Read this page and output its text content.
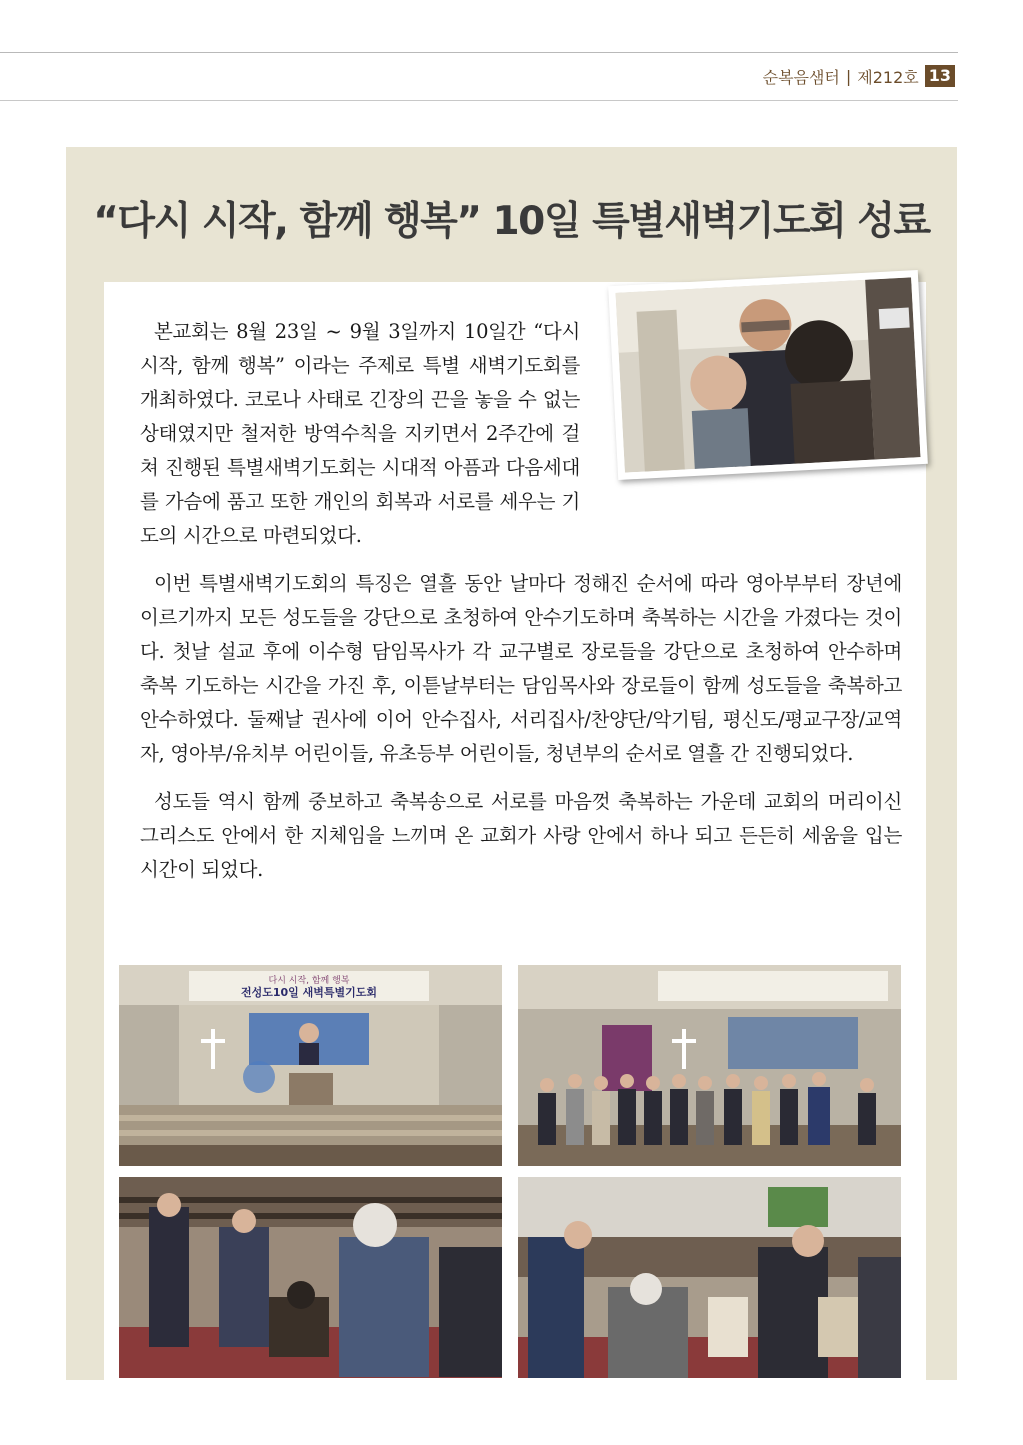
순복음샘터 | 제212호 13
“다시 시작, 함께 행복” 10일 특별새벽기도회 성료

본교회는 8월 23일 ~ 9월 3일까지 10일간 “다시 시작, 함께 행복” 이라는 주제로 특별 새벽기도회를 개최하였다. 코로나 사태로 긴장의 끈을 놓을 수 없는 상태였지만 철저한 방역수칙을 지키면서 2주간에 걸쳐 진행된 특별새벽기도회는 시대적 아픔과 다음세대를 가슴에 품고 또한 개인의 회복과 서로를 세우는 기도의 시간으로 마련되었다.

이번 특별새벽기도회의 특징은 열흘 동안 날마다 정해진 순서에 따라 영아부부터 장년에 이르기까지 모든 성도들을 강단으로 초청하여 안수기도하며 축복하는 시간을 가졌다는 것이다. 첫날 설교 후에 이수형 담임목사가 각 교구별로 장로들을 강단으로 초청하여 안수하며 축복 기도하는 시간을 가진 후, 이튿날부터는 담임목사와 장로들이 함께 성도들을 축복하고 안수하였다. 둘째날 권사에 이어 안수집사, 서리집사/찬양단/악기팀, 평신도/평교구장/교역자, 영아부/유치부 어린이들, 유초등부 어린이들, 청년부의 순서로 열흘 간 진행되었다.

성도들 역시 함께 중보하고 축복송으로 서로를 마음껏 축복하는 가운데 교회의 머리이신 그리스도 안에서 한 지체임을 느끼며 온 교회가 사랑 안에서 하나 되고 든든히 세움을 입는 시간이 되었다.

다시 시작, 함께 행복
전성도10일 새벽특별기도회
